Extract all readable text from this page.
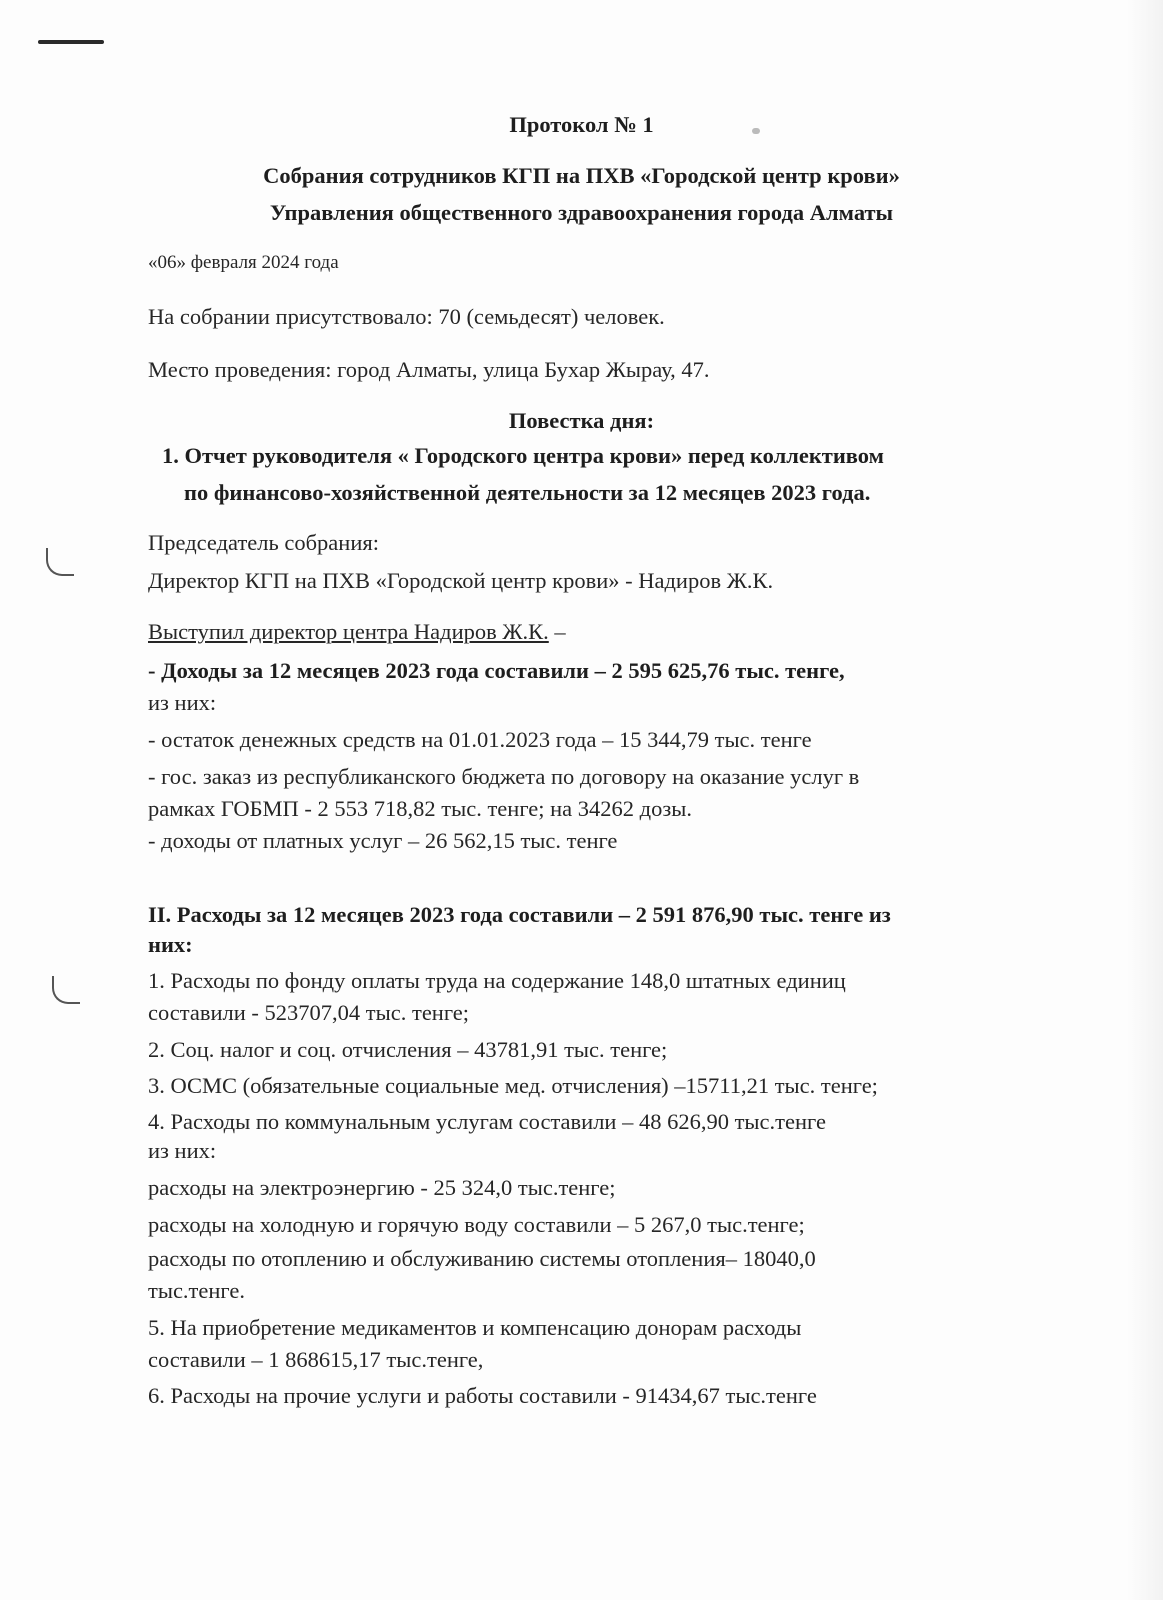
Протокол № 1
Собрания сотрудников КГП на ПХВ «Городской центр крови»
Управления общественного здравоохранения города Алматы
«06» февраля 2024 года
На собрании присутствовало: 70 (семьдесят) человек.
Место проведения: город Алматы, улица Бухар Жырау, 47.
Повестка дня:
1. Отчет руководителя « Городского центра крови» перед коллективом
по финансово-хозяйственной деятельности за 12 месяцев 2023 года.
Председатель собрания:
Директор КГП на ПХВ «Городской центр крови» - Надиров Ж.К.
Выступил директор центра Надиров Ж.К. –
- Доходы за 12 месяцев 2023 года составили – 2 595 625,76 тыс. тенге,
из них:
- остаток денежных средств на 01.01.2023 года – 15 344,79 тыс. тенге
- гос. заказ из республиканского бюджета по договору на оказание услуг в
рамках ГОБМП - 2 553 718,82 тыс. тенге; на 34262 дозы.
- доходы от платных услуг – 26 562,15 тыс. тенге
II. Расходы за 12 месяцев 2023 года составили – 2 591 876,90 тыс. тенге из
них:
1. Расходы по фонду оплаты труда на содержание 148,0 штатных единиц
составили - 523707,04 тыс. тенге;
2. Соц. налог и соц. отчисления – 43781,91 тыс. тенге;
3. ОСМС (обязательные социальные мед. отчисления) –15711,21 тыс. тенге;
4. Расходы по коммунальным услугам составили – 48 626,90 тыс.тенге
из них:
расходы на электроэнергию - 25 324,0 тыс.тенге;
расходы на холодную и горячую воду составили – 5 267,0 тыс.тенге;
расходы по отоплению и обслуживанию системы отопления– 18040,0
тыс.тенге.
5. На приобретение медикаментов и компенсацию донорам расходы
составили – 1 868615,17 тыс.тенге,
6. Расходы на прочие услуги и работы составили - 91434,67 тыс.тенге
